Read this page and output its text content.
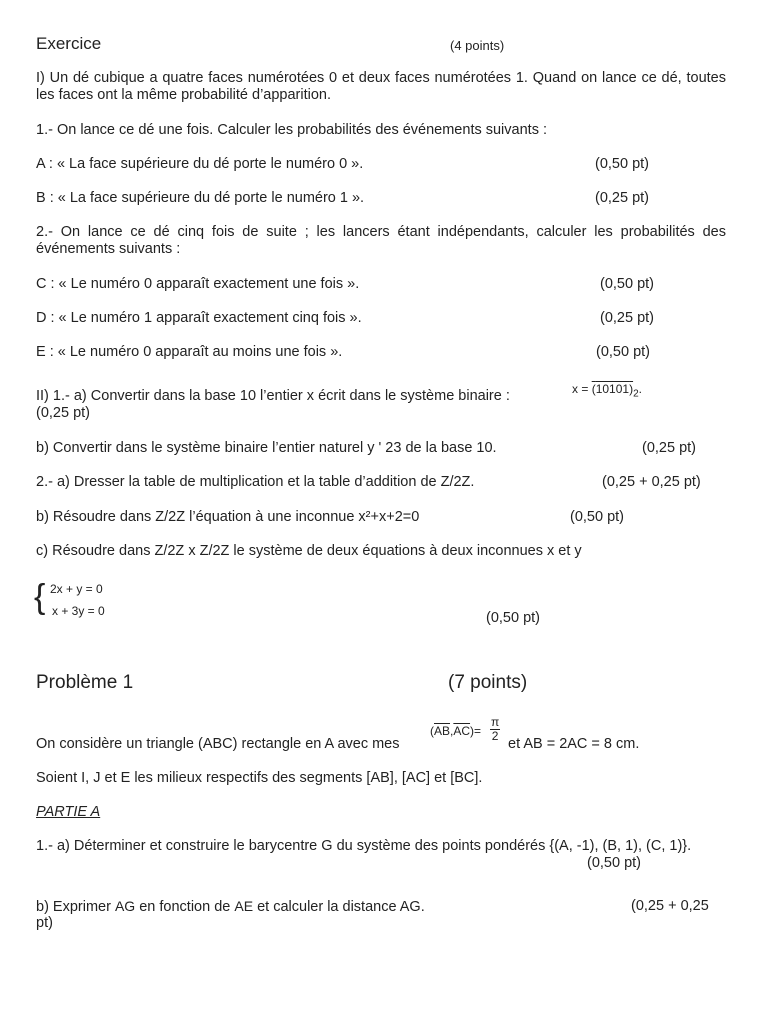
Exercice	(4 points)
I) Un dé cubique a quatre faces numérotées 0 et deux faces numérotées 1. Quand on lance ce dé, toutes les faces ont la même probabilité d’apparition.
1.- On lance ce dé une fois. Calculer les probabilités des événements suivants :
A : « La face supérieure du dé porte le numéro 0 ».	(0,50 pt)
B : « La face supérieure du dé porte le numéro 1 ».	(0,25 pt)
2.- On lance ce dé cinq fois de suite ; les lancers étant indépendants, calculer les probabilités des événements suivants :
C : « Le numéro 0 apparaît exactement une fois ».	(0,50 pt)
D : « Le numéro 1 apparaît exactement cinq fois ».	(0,25 pt)
E : « Le numéro 0 apparaît au moins une fois ».	(0,50 pt)
II) 1.- a) Convertir dans la base 10 l’entier x écrit dans le système binaire :	$x = (10101)_2$.
(0,25 pt)
b) Convertir dans le système binaire l’entier naturel y ' 23 de la base 10.	(0,25 pt)
2.- a) Dresser la table de multiplication et la table d’addition de Z/2Z.	(0,25 + 0,25 pt)
b) Résoudre dans Z/2Z l’équation à une inconnue x²+x+2=0	(0,50 pt)
c) Résoudre dans Z/2Z x Z/2Z le système de deux équations à deux inconnues x et y
{ 2x + y = 0
x + 3y = 0	(0,50 pt)
Problème 1	(7 points)
On considère un triangle (ABC) rectangle en A avec mes
$(\overline{AB},\overline{AC})= \frac{\pi}{2}$
et AB = 2AC = 8 cm.
Soient I, J et E les milieux respectifs des segments [AB], [AC] et [BC].
PARTIE A
1.- a) Déterminer et construire le barycentre G du système des points pondérés {(A, -1), (B, 1), (C, 1)}.
(0,50 pt)
b) Exprimer AG en fonction de AE et calculer la distance AG.	(0,25 + 0,25
pt)
